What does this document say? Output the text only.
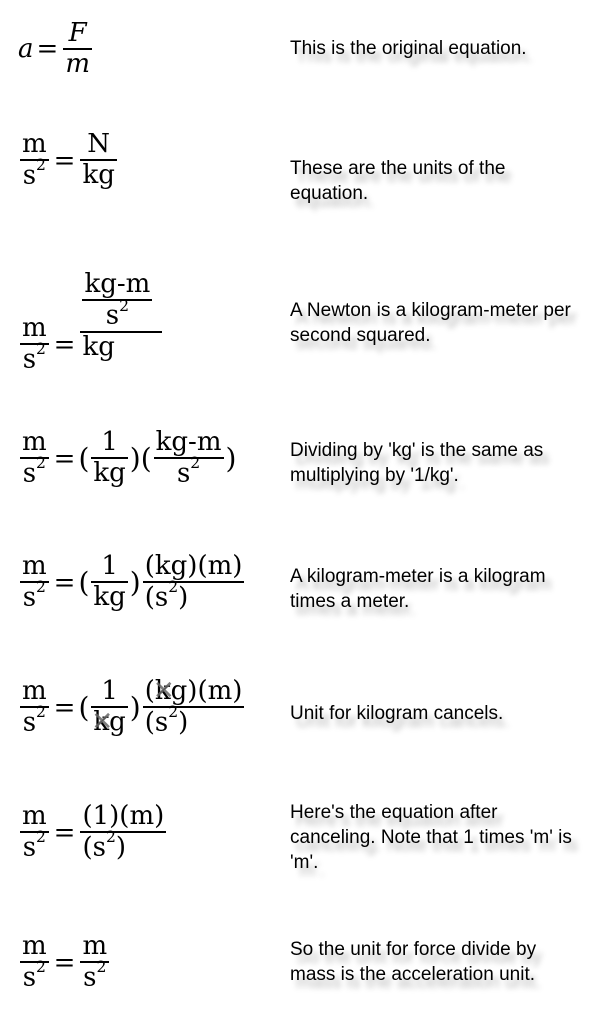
$a = \frac{F}{m}$	This is the original equation.
$\frac{m}{s^2} = \frac{N}{kg}$	These are the units of the equation.
$\frac{m}{s^2} = \frac{\frac{kg-m}{s^2}}{kg}$	A Newton is a kilogram-meter per second squared.
$\frac{m}{s^2}$ = ( $\frac{1}{kg}$ )( $\frac{kg-m}{s^2}$ )	Dividing by 'kg' is the same as multiplying by '1/kg'.
$\frac{m}{s^2}$ = ( $\frac{1}{kg}$ ) $\frac{(kg)(m)}{(s^2)}$ A kilogram-meter is a kilogram times a meter.
$\frac{m}{s^2}$ = ( $\frac{1}{kg}$ ✕ ) $\frac{(kg ✕)(m)}{(s^2)}$ Unit for kilogram cancels.
$\frac{m}{s^2} = \frac{(1)(m)}{(s^2)}$	Here's the equation after canceling. Note that 1 times 'm' is 'm'.
$\frac{m}{s^2} = \frac{m}{s^2}$	So the unit for force divide by mass is the acceleration unit.
